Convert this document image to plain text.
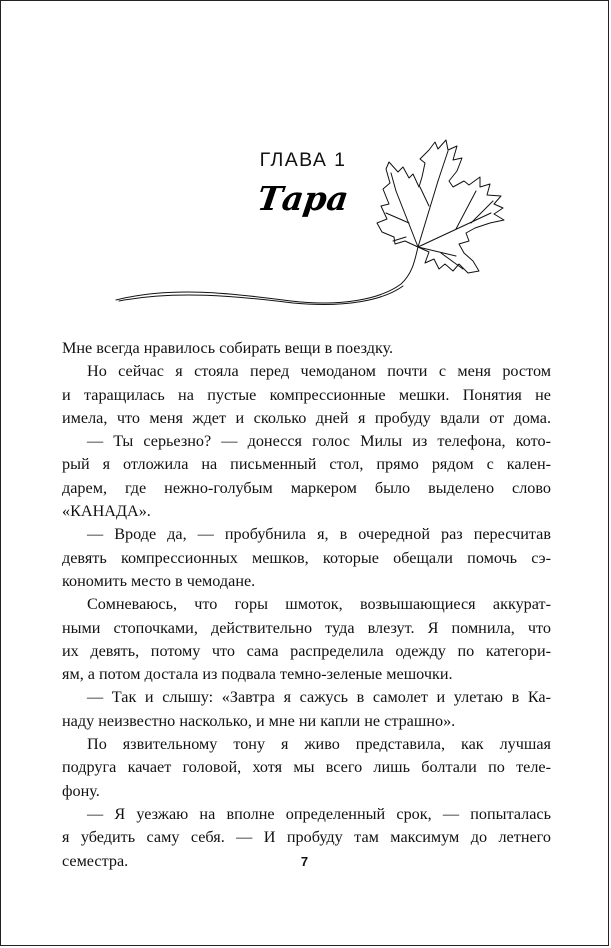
ГЛАВА 1
Тара
Мне всегда нравилось собирать вещи в поездку.
Но сейчас я стояла перед чемоданом почти с меня ростом
и таращилась на пустые компрессионные мешки. Понятия не
имела, что меня ждет и сколько дней я пробуду вдали от дома.
— Ты серьезно? — донесся голос Милы из телефона, кото-
рый я отложила на письменный стол, прямо рядом с кален-
дарем, где нежно-голубым маркером было выделено слово
«КАНАДА».
— Вроде да, — пробубнила я, в очередной раз пересчитав
девять компрессионных мешков, которые обещали помочь сэ-
кономить место в чемодане.
Сомневаюсь, что горы шмоток, возвышающиеся аккурат-
ными стопочками, действительно туда влезут. Я помнила, что
их девять, потому что сама распределила одежду по категори-
ям, а потом достала из подвала темно-зеленые мешочки.
— Так и слышу: «Завтра я сажусь в самолет и улетаю в Ка-
наду неизвестно насколько, и мне ни капли не страшно».
По язвительному тону я живо представила, как лучшая
подруга качает головой, хотя мы всего лишь болтали по теле-
фону.
— Я уезжаю на вполне определенный срок, — попыталась
я убедить саму себя. — И пробуду там максимум до летнего
семестра.	7
